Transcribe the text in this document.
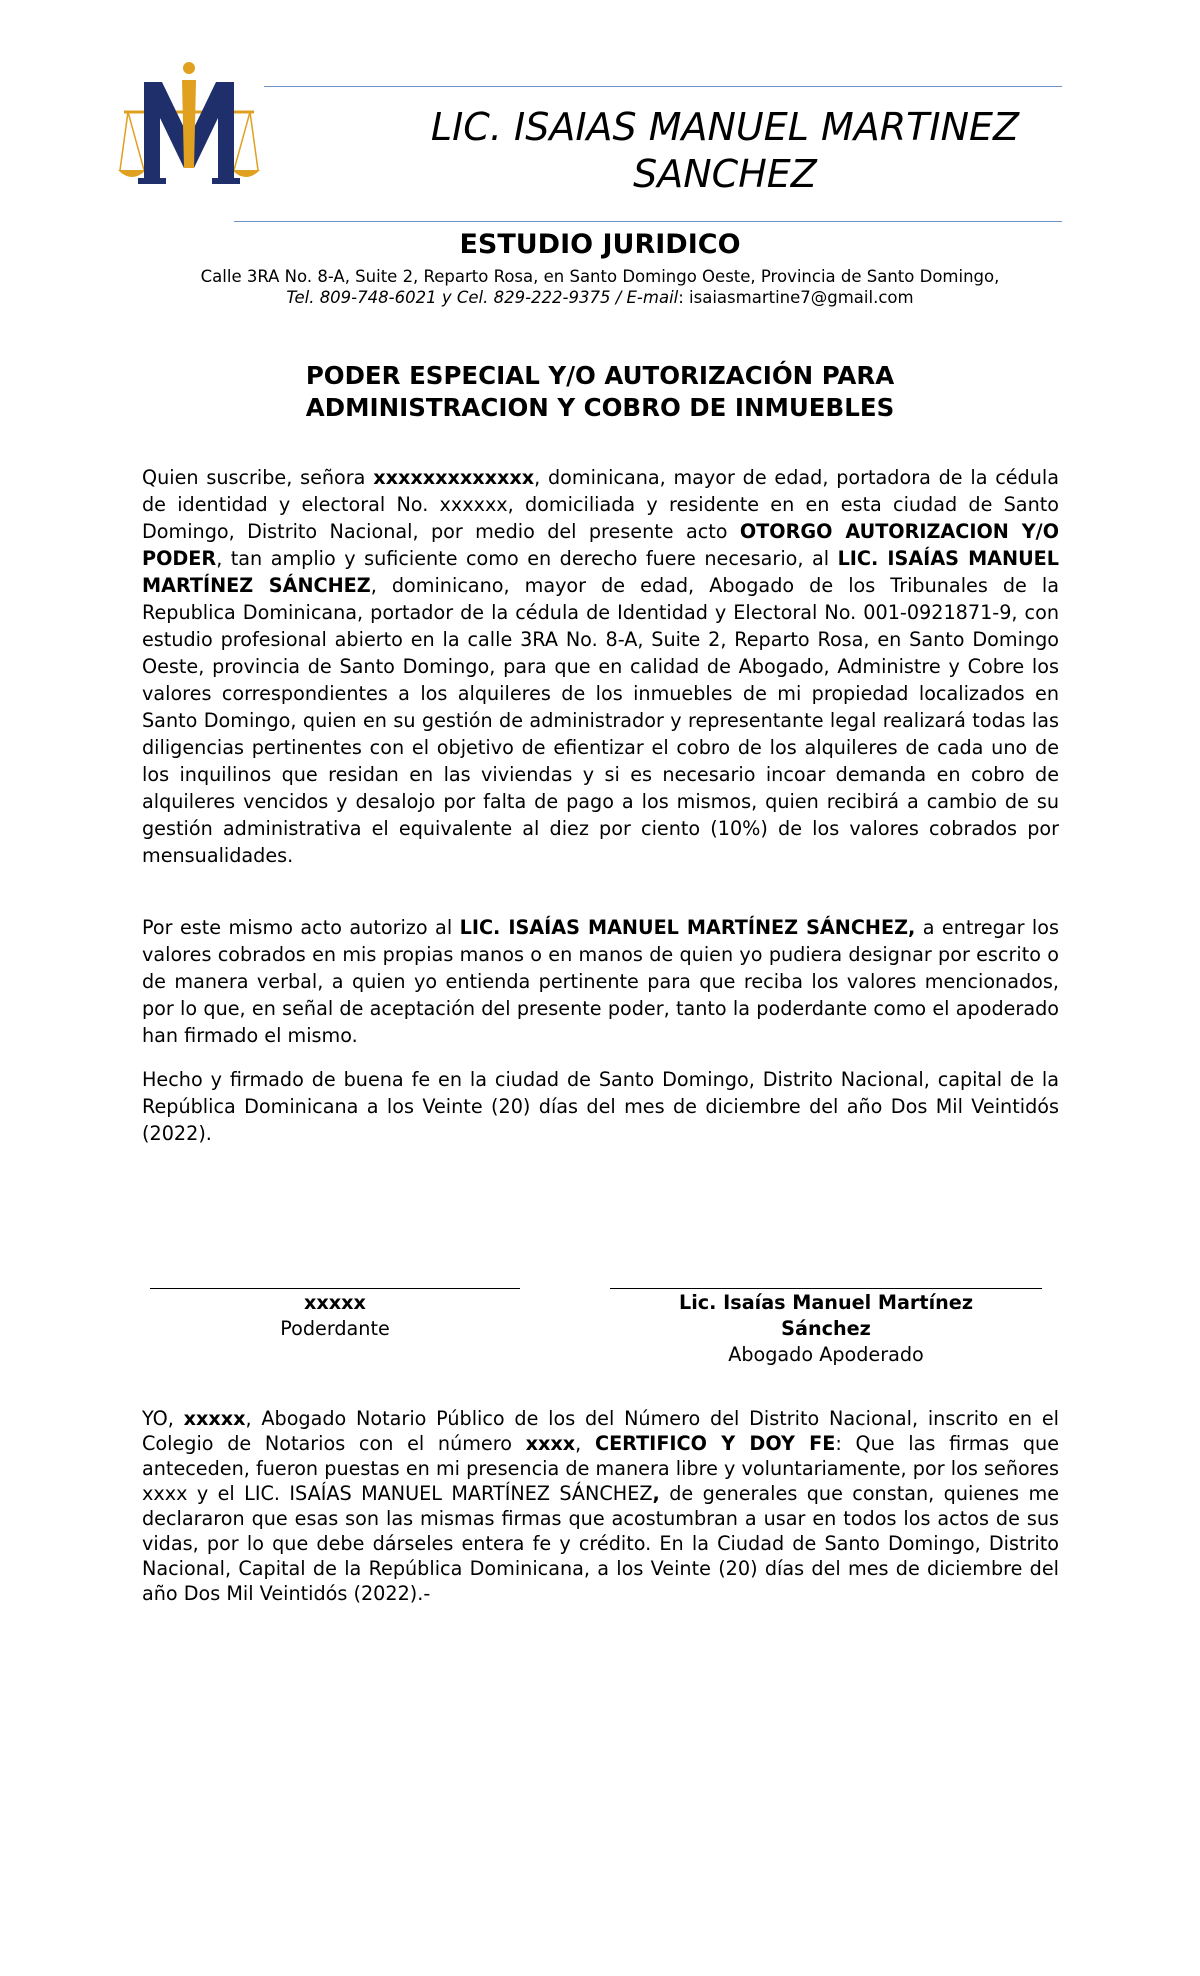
LIC. ISAIAS MANUEL MARTINEZ
SANCHEZ
ESTUDIO JURIDICO
Calle 3RA No. 8-A, Suite 2, Reparto Rosa, en Santo Domingo Oeste, Provincia de Santo Domingo,
Tel. 809-748-6021 y Cel. 829-222-9375 / E-mail: isaiasmartine7@gmail.com
PODER ESPECIAL Y/O AUTORIZACIÓN PARA
ADMINISTRACION Y COBRO DE INMUEBLES

Quien suscribe, señora xxxxxxxxxxxxx, dominicana, mayor de edad, portadora de la cédula de identidad y electoral No. xxxxxx, domiciliada y residente en en esta ciudad de Santo Domingo, Distrito Nacional, por medio del presente acto OTORGO AUTORIZACION Y/O PODER, tan amplio y suficiente como en derecho fuere necesario, al LIC. ISAÍAS MANUEL MARTÍNEZ SÁNCHEZ, dominicano, mayor de edad, Abogado de los Tribunales de la Republica Dominicana, portador de la cédula de Identidad y Electoral No. 001-0921871-9, con estudio profesional abierto en la calle 3RA No. 8-A, Suite 2, Reparto Rosa, en Santo Domingo Oeste, provincia de Santo Domingo, para que en calidad de Abogado, Administre y Cobre los valores correspondientes a los alquileres de los inmuebles de mi propiedad localizados en Santo Domingo, quien en su gestión de administrador y representante legal realizará todas las diligencias pertinentes con el objetivo de efientizar el cobro de los alquileres de cada uno de los inquilinos que residan en las viviendas y si es necesario incoar demanda en cobro de alquileres vencidos y desalojo por falta de pago a los mismos, quien recibirá a cambio de su gestión administrativa el equivalente al diez por ciento (10%) de los valores cobrados por mensualidades.

Por este mismo acto autorizo al LIC. ISAÍAS MANUEL MARTÍNEZ SÁNCHEZ, a entregar los valores cobrados en mis propias manos o en manos de quien yo pudiera designar por escrito o de manera verbal, a quien yo entienda pertinente para que reciba los valores mencionados, por lo que, en señal de aceptación del presente poder, tanto la poderdante como el apoderado han firmado el mismo.

Hecho y firmado de buena fe en la ciudad de Santo Domingo, Distrito Nacional, capital de la República Dominicana a los Veinte (20) días del mes de diciembre del año Dos Mil Veintidós (2022).

xxxxx
Poderdante
Lic. Isaías Manuel Martínez
Sánchez
Abogado Apoderado

YO, xxxxx, Abogado Notario Público de los del Número del Distrito Nacional, inscrito en el Colegio de Notarios con el número xxxx, CERTIFICO Y DOY FE: Que las firmas que anteceden, fueron puestas en mi presencia de manera libre y voluntariamente, por los señores xxxx y el LIC. ISAÍAS MANUEL MARTÍNEZ SÁNCHEZ, de generales que constan, quienes me declararon que esas son las mismas firmas que acostumbran a usar en todos los actos de sus vidas, por lo que debe dárseles entera fe y crédito. En la Ciudad de Santo Domingo, Distrito Nacional, Capital de la República Dominicana, a los Veinte (20) días del mes de diciembre del año Dos Mil Veintidós (2022).-
